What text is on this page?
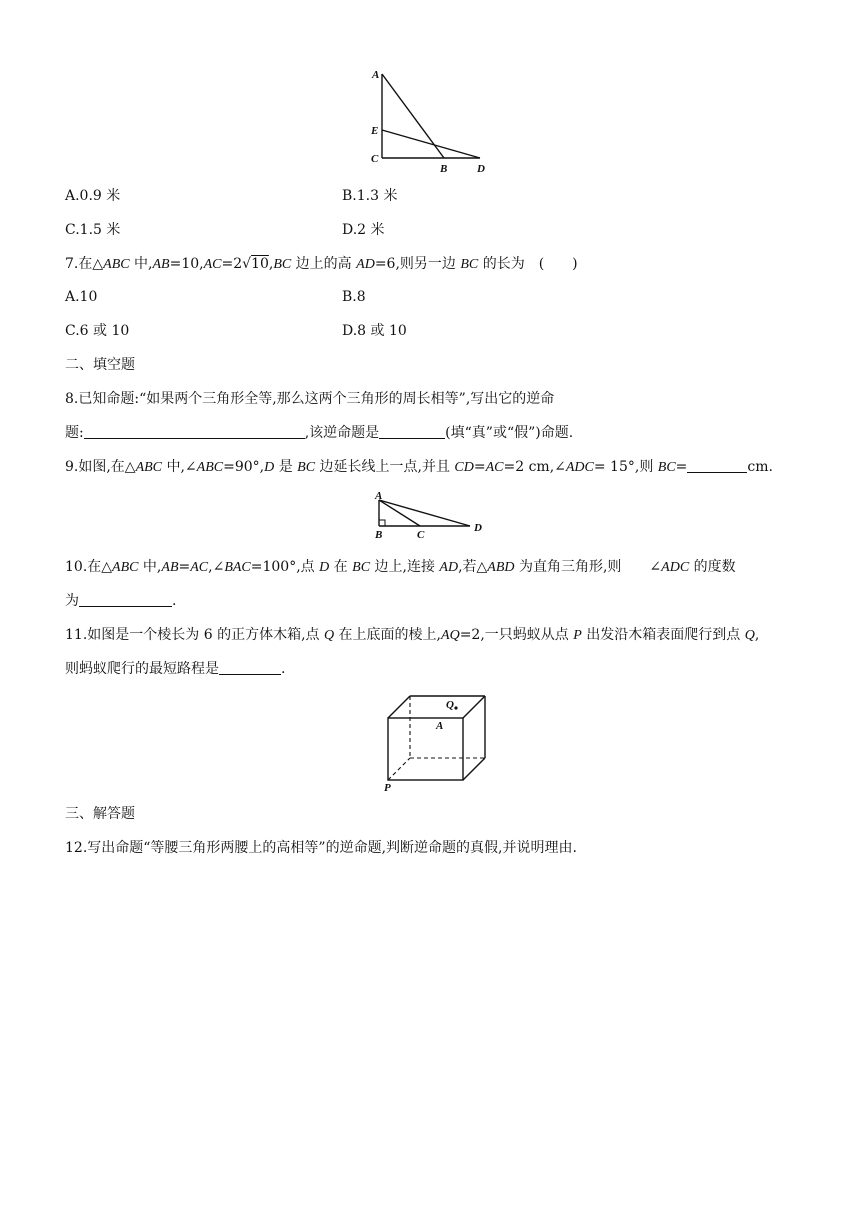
A
E
C
B	D
A.0.9 米	B.1.3 米
C.1.5 米	D.2 米
7.在△ABC 中,AB=10,AC=2√10,BC 边上的高 AD=6,则另一边 BC 的长为　(　　)
A.10	B.8
C.6 或 10	D.8 或 10
二、填空题
8.已知命题:“如果两个三角形全等,那么这两个三角形的周长相等”,写出它的逆命
题:	,该逆命题是	(填“真”或“假”)命题.
9.如图,在△ABC 中,∠ABC=90°,D 是 BC 边延长线上一点,并且 CD=AC=2 cm,∠ADC= 15°,则 BC=	cm.
A
B	C
D
10.在△ABC 中,AB=AC,∠BAC=100°,点 D 在 BC 边上,连接 AD,若△ABD 为直角三角形,则　　∠ADC 的度数
为	.
11.如图是一个棱长为 6 的正方体木箱,点 Q 在上底面的棱上,AQ=2,一只蚂蚁从点 P 出发沿木箱表面爬行到点 Q,
则蚂蚁爬行的最短路程是	.
Q
A
P
三、解答题
12.写出命题“等腰三角形两腰上的高相等”的逆命题,判断逆命题的真假,并说明理由.
